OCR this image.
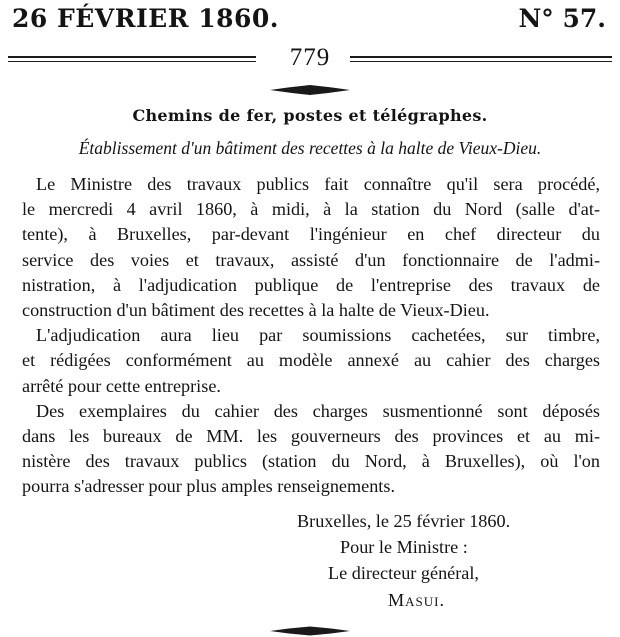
26 FÉVRIER 1860.	N° 57.
779
Chemins de fer, postes et télégraphes.
Établissement d'un bâtiment des recettes à la halte de Vieux-Dieu.
Le Ministre des travaux publics fait connaître qu'il sera procédé,
le mercredi 4 avril 1860, à midi, à la station du Nord (salle d'at-
tente), à Bruxelles, par-devant l'ingénieur en chef directeur du
service des voies et travaux, assisté d'un fonctionnaire de l'admi-
nistration, à l'adjudication publique de l'entreprise des travaux de
construction d'un bâtiment des recettes à la halte de Vieux-Dieu.
L'adjudication aura lieu par soumissions cachetées, sur timbre,
et rédigées conformément au modèle annexé au cahier des charges
arrêté pour cette entreprise.
Des exemplaires du cahier des charges susmentionné sont déposés
dans les bureaux de MM. les gouverneurs des provinces et au mi-
nistère des travaux publics (station du Nord, à Bruxelles), où l'on
pourra s'adresser pour plus amples renseignements.
Bruxelles, le 25 février 1860.
Pour le Ministre :
Le directeur général,
Masui.
